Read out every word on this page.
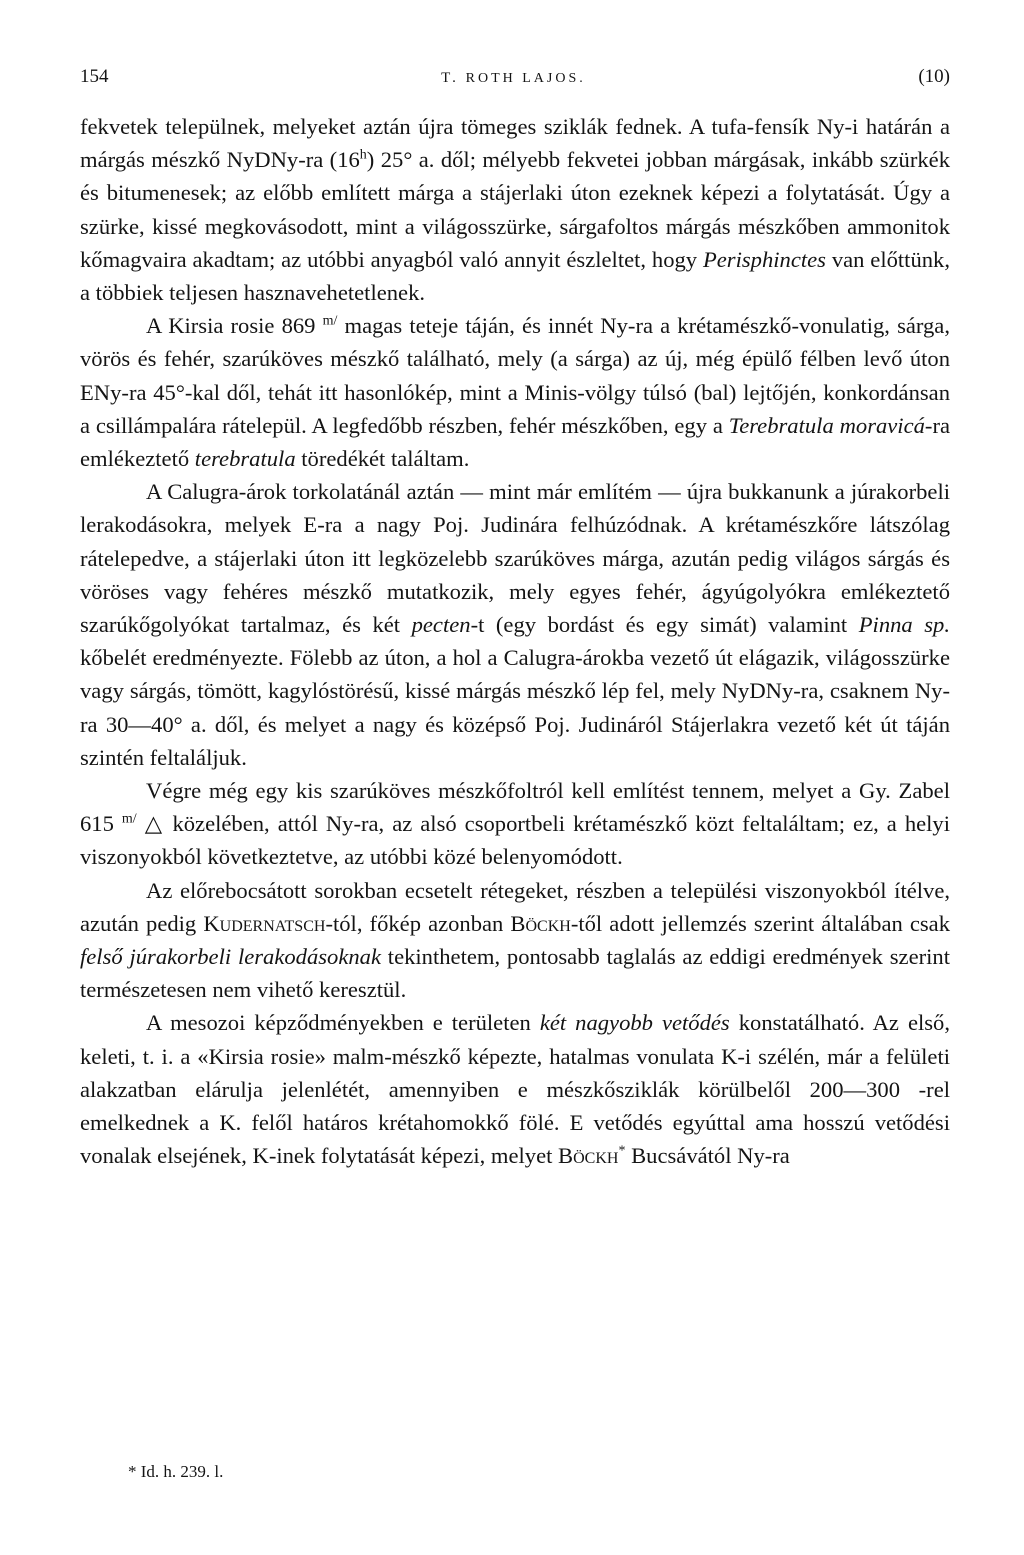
154	T. ROTH LAJOS.	(10)

fekvetek települnek, melyeket aztán újra tömeges sziklák fednek. A tufa-fensík Ny-i határán a márgás mészkő NyDNy-ra (16$^h$) 25° a. dől; mélyebb fekvetei jobban márgásak, inkább szürkék és bitumenesek; az előbb említett márga a stájerlaki úton ezeknek képezi a folytatását. Úgy a szürke, kissé megkovásodott, mint a világosszürke, sárgafoltos márgás mészkőben ammonitok kőmagvaira akadtam; az utóbbi anyagból való annyit észleltet, hogy Perisphinctes van előttünk, a többiek teljesen hasznavehetetlenek.

A Kirsia rosie 869 $^{m/}$ magas teteje táján, és innét Ny-ra a krétamészkő-vonulatig, sárga, vörös és fehér, szarúköves mészkő található, mely (a sárga) az új, még épülő félben levő úton ENy-ra 45°-kal dől, tehát itt hasonlókép, mint a Minis-völgy túlsó (bal) lejtőjén, konkordánsan a csillámpalára rátelepül. A legfedőbb részben, fehér mészkőben, egy a Terebratula moravicá-ra emlékeztető terebratula töredékét találtam.

A Calugra-árok torkolatánál aztán — mint már említém — újra bukkanunk a júrakorbeli lerakodásokra, melyek E-ra a nagy Poj. Judinára felhúzódnak. A krétamészkőre látszólag rátelepedve, a stájerlaki úton itt legközelebb szarúköves márga, azután pedig világos sárgás és vöröses vagy fehéres mészkő mutatkozik, mely egyes fehér, ágyúgolyókra emlékeztető szarúkőgolyókat tartalmaz, és két pecten-t (egy bordást és egy simát) valamint Pinna sp. kőbelét eredményezte. Fölebb az úton, a hol a Calugra-árokba vezető út elágazik, világosszürke vagy sárgás, tömött, kagylóstörésű, kissé márgás mészkő lép fel, mely NyDNy-ra, csaknem Ny-ra 30—40° a. dől, és melyet a nagy és középső Poj. Judináról Stájerlakra vezető két út táján szintén feltaláljuk.

Végre még egy kis szarúköves mészkőfoltról kell említést tennem, melyet a Gy. Zabel 615 $^{m/}$ △ közelében, attól Ny-ra, az alsó csoportbeli krétamészkő közt feltaláltam; ez, a helyi viszonyokból következtetve, az utóbbi közé belenyomódott.

Az előrebocsátott sorokban ecsetelt rétegeket, részben a települési viszonyokból ítélve, azután pedig Kudernatsch-tól, főkép azonban Böckh-től adott jellemzés szerint általában csak felső júrakorbeli lerakodásoknak tekinthetem, pontosabb taglalás az eddigi eredmények szerint természetesen nem vihető keresztül.

A mesozoi képződményekben e területen két nagyobb vetődés konstatálható. Az első, keleti, t. i. a «Kirsia rosie» malm-mészkő képezte, hatalmas vonulata K-i szélén, már a felületi alakzatban elárulja jelenlétét, amennyiben e mészkősziklák körülbelől 200—300 -rel emelkednek a K. felől határos krétahomokkő fölé. E vetődés egyúttal ama hosszú vetődési vonalak elsejének, K-inek folytatását képezi, melyet Böckh* Bucsávától Ny-ra

* Id. h. 239. l.
